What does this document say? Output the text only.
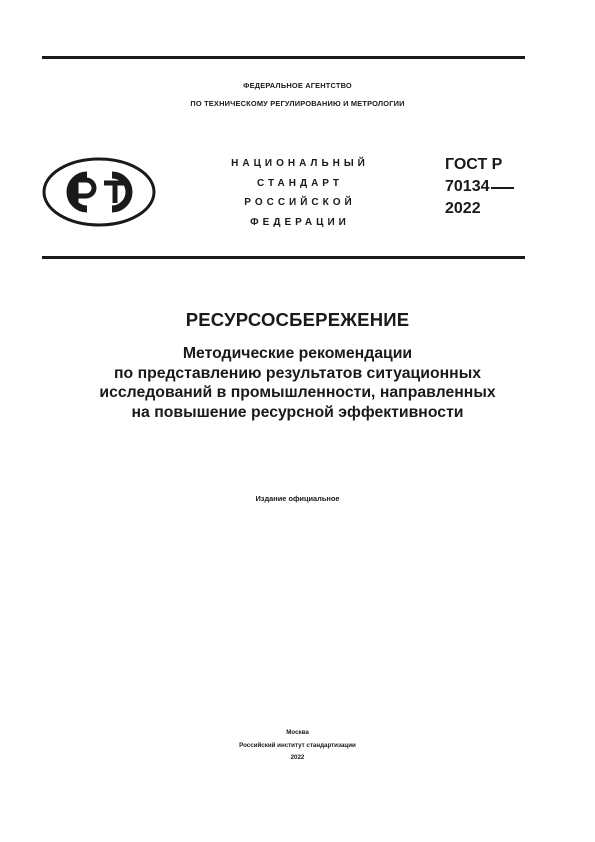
ФЕДЕРАЛЬНОЕ АГЕНТСТВО
ПО ТЕХНИЧЕСКОМУ РЕГУЛИРОВАНИЮ И МЕТРОЛОГИИ
НАЦИОНАЛЬНЫЙ
СТАНДАРТ
РОССИЙСКОЙ
ФЕДЕРАЦИИ
ГОСТ Р
70134
2022
РЕСУРСОСБЕРЕЖЕНИЕ
Методические рекомендации
по представлению результатов ситуационных
исследований в промышленности, направленных
на повышение ресурсной эффективности
Издание официальное
Москва
Российский институт стандартизации
2022
